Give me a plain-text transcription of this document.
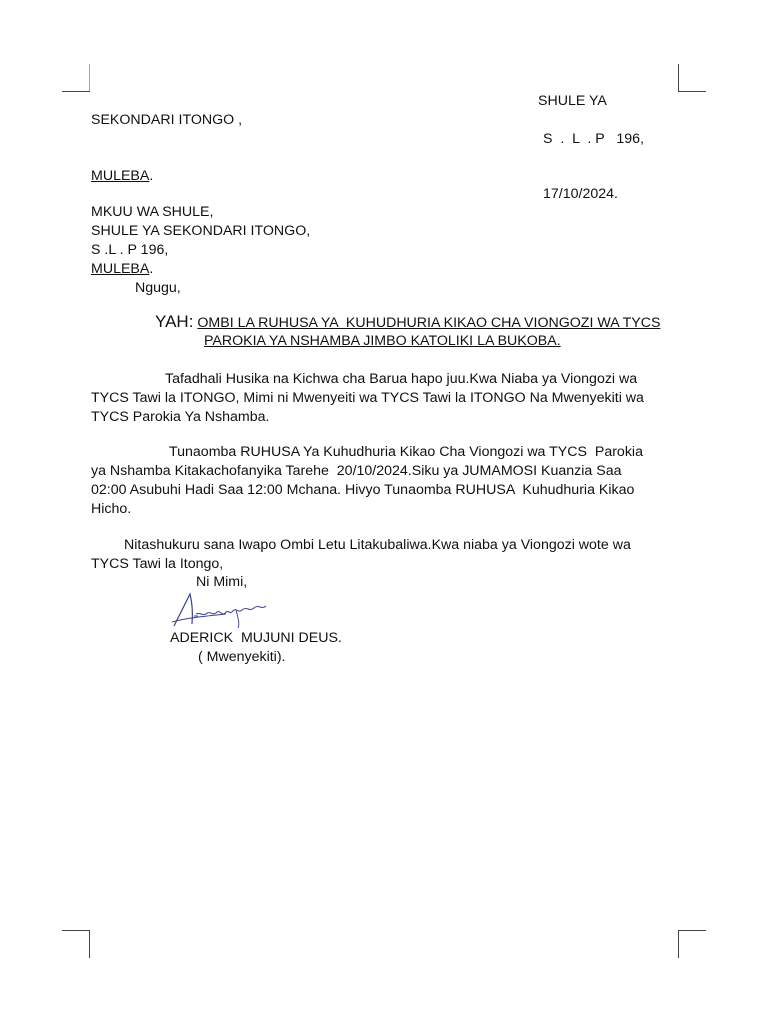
SHULE YA
SEKONDARI ITONGO ,
S  .  L  . P   196,
MULEBA.
17/10/2024.
MKUU WA SHULE,
SHULE YA SEKONDARI ITONGO,
S .L . P 196,
MULEBA.
Ngugu,
YAH: OMBI LA RUHUSA YA  KUHUDHURIA KIKAO CHA VIONGOZI WA TYCS
PAROKIA YA NSHAMBA JIMBO KATOLIKI LA BUKOBA.
Tafadhali Husika na Kichwa cha Barua hapo juu.Kwa Niaba ya Viongozi wa
TYCS Tawi la ITONGO, Mimi ni Mwenyeiti wa TYCS Tawi la ITONGO Na Mwenyekiti wa
TYCS Parokia Ya Nshamba.
Tunaomba RUHUSA Ya Kuhudhuria Kikao Cha Viongozi wa TYCS  Parokia
ya Nshamba Kitakachofanyika Tarehe  20/10/2024.Siku ya JUMAMOSI Kuanzia Saa
02:00 Asubuhi Hadi Saa 12:00 Mchana. Hivyo Tunaomba RUHUSA  Kuhudhuria Kikao
Hicho.
Nitashukuru sana Iwapo Ombi Letu Litakubaliwa.Kwa niaba ya Viongozi wote wa
TYCS Tawi la Itongo,
Ni Mimi,
ADERICK  MUJUNI DEUS.
( Mwenyekiti).
